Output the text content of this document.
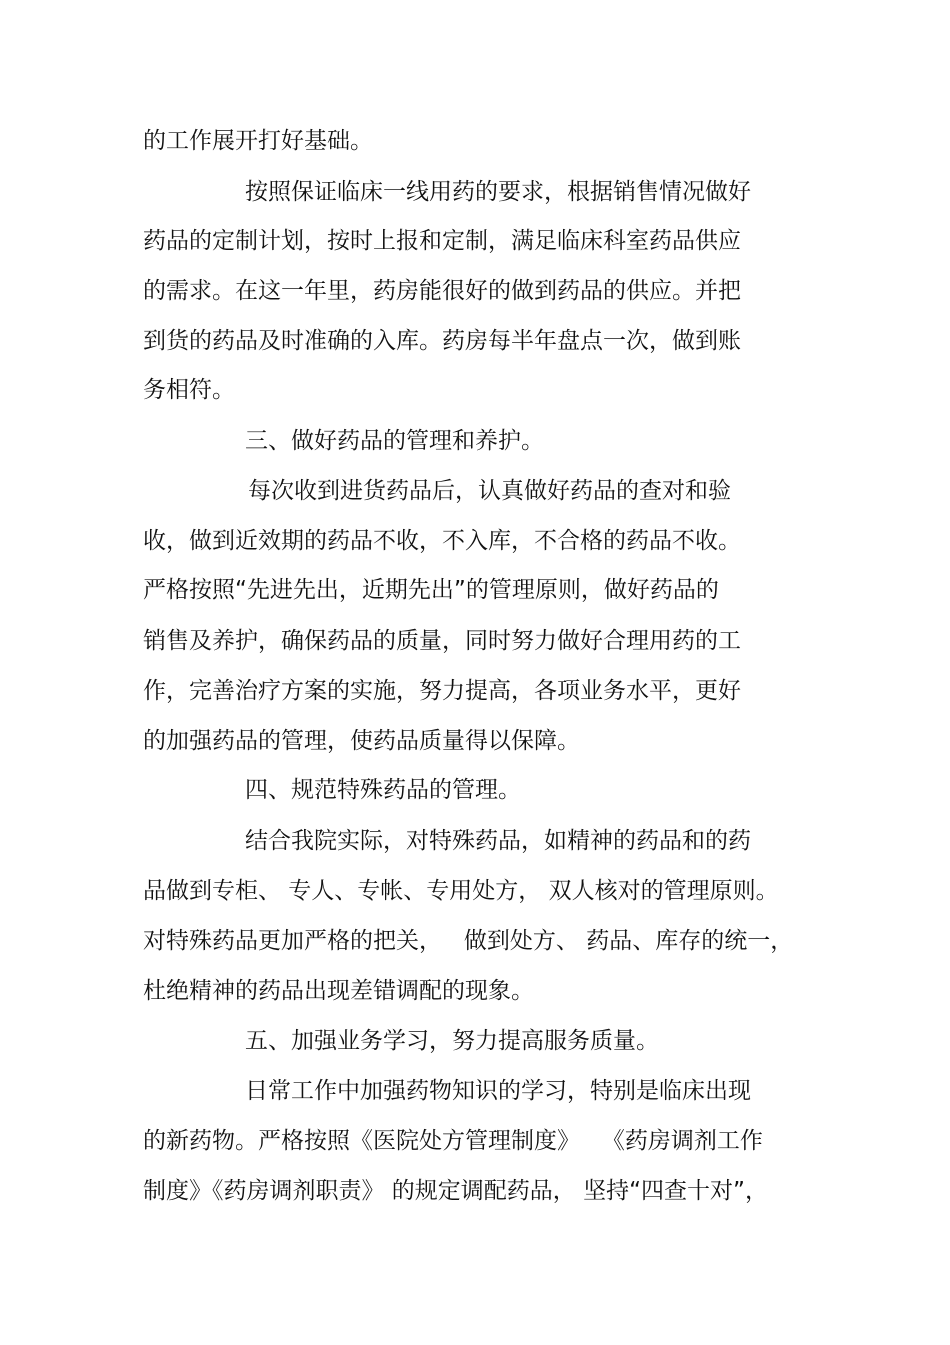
的工作展开打好基础。

按照保证临床一线用药的要求，根据销售情况做好

药品的定制计划，按时上报和定制，满足临床科室药品供应

的需求。在这一年里，药房能很好的做到药品的供应。并把

到货的药品及时准确的入库。药房每半年盘点一次，做到账

务相符。

三、做好药品的管理和养护。

每次收到进货药品后，认真做好药品的查对和验

收，做到近效期的药品不收，不入库，不合格的药品不收。

严格按照“先进先出，近期先出”的管理原则，做好药品的

销售及养护，确保药品的质量，同时努力做好合理用药的工

作，完善治疗方案的实施，努力提高，各项业务水平，更好

的加强药品的管理，使药品质量得以保障。

四、规范特殊药品的管理。

结合我院实际，对特殊药品，如精神的药品和的药

品做到专柜、 专人、专帐、专用处方， 双人核对的管理原则。

对特殊药品更加严格的把关，   做到处方、 药品、库存的统一，

杜绝精神的药品出现差错调配的现象。

五、加强业务学习，努力提高服务质量。

日常工作中加强药物知识的学习，特别是临床出现

的新药物。严格按照《医院处方管理制度》   《药房调剂工作

制度》《药房调剂职责》 的规定调配药品， 坚持“四查十对”，
